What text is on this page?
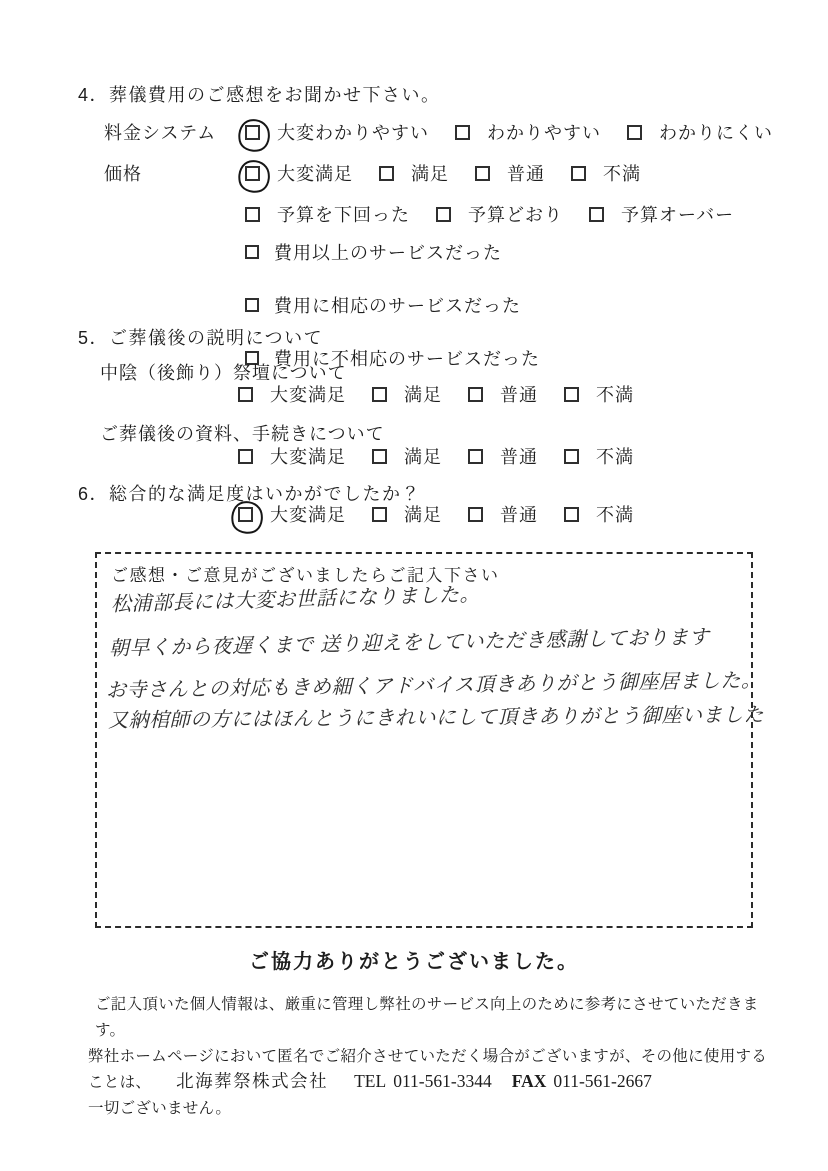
4．葬儀費用のご感想をお聞かせ下さい。
料金システム	大変わかりやすい	わかりやすい	わかりにくい
価格	大変満足	満足	普通	不満
予算を下回った	予算どおり	予算オーバー
費用以上のサービスだった

費用に相応のサービスだった

費用に不相応のサービスだった
5．ご葬儀後の説明について
中陰（後飾り）祭壇について
大変満足	満足	普通	不満
ご葬儀後の資料、手続きについて
大変満足	満足	普通	不満
6．総合的な満足度はいかがでしたか？
大変満足	満足	普通	不満
ご感想・ご意見がございましたらご記入下さい
松浦部長には大変お世話になりました。
朝早くから夜遅くまで 送り迎えをしていただき感謝しております
お寺さんとの対応もきめ細くアドバイス頂きありがとう御座居ました。
又納棺師の方にはほんとうにきれいにして頂きありがとう御座いました
ご協力ありがとうございました。
ご記入頂いた個人情報は、厳重に管理し弊社のサービス向上のために参考にさせていただきます。
弊社ホームページにおいて匿名でご紹介させていただく場合がございますが、その他に使用することは、
一切ございません。
北海葬祭株式会社 TEL 011-561-3344 FAX 011-561-2667
